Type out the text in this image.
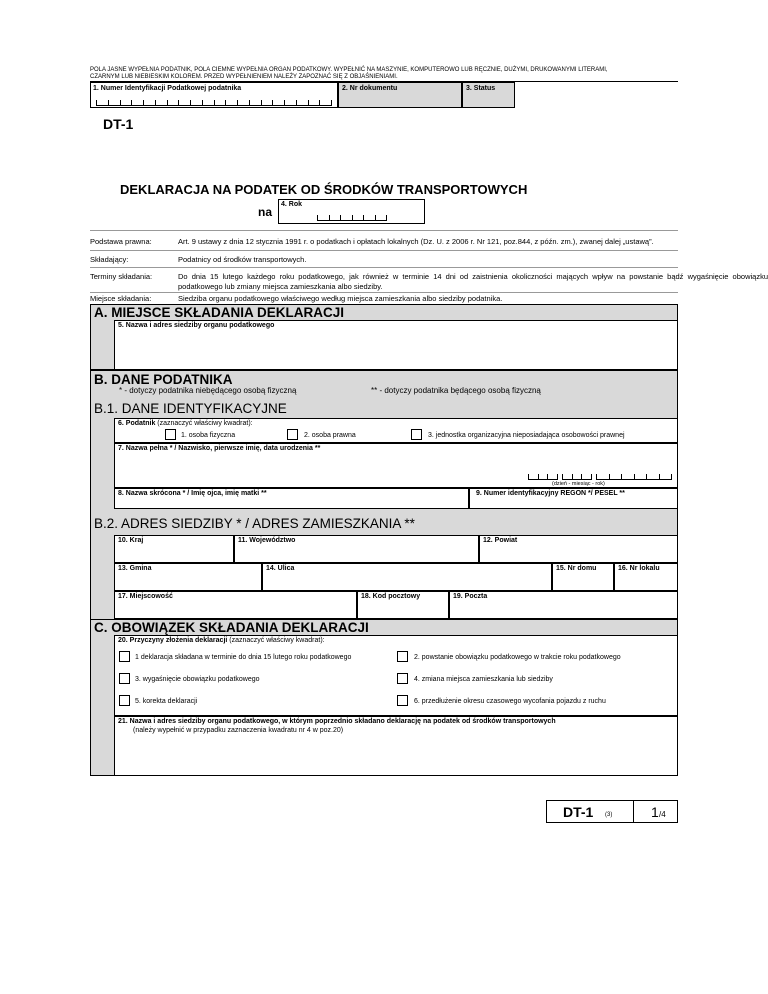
POLA JASNE WYPEŁNIA PODATNIK, POLA CIEMNE WYPEŁNIA ORGAN PODATKOWY. WYPEŁNIĆ NA MASZYNIE, KOMPUTEROWO LUB RĘCZNIE, DUŻYMI, DRUKOWANYMI LITERAMI,
CZARNYM LUB NIEBIESKIM KOLOREM. PRZED WYPEŁNIENIEM NALEŻY ZAPOZNAĆ SIĘ Z OBJAŚNIENIAMI.
1. Numer Identyfikacji Podatkowej podatnika	2. Nr dokumentu	3. Status
DT-1
DEKLARACJA NA PODATEK OD ŚRODKÓW TRANSPORTOWYCH
na
4. Rok
Podstawa prawna:	Art. 9 ustawy z dnia 12 stycznia 1991 r. o podatkach i opłatach lokalnych (Dz. U. z 2006 r. Nr 121, poz.844, z późn. zm.), zwanej dalej „ustawą”.
Składający:	Podatnicy od środków transportowych.
Terminy składania:	Do dnia 15 lutego każdego roku podatkowego, jak również w terminie 14 dni od zaistnienia okoliczności mających wpływ na powstanie bądź wygaśnięcie obowiązku podatkowego lub zmiany miejsca zamieszkania albo siedziby.
Miejsce składania:	Siedziba organu podatkowego właściwego według miejsca zamieszkania albo siedziby podatnika.
A. MIEJSCE SKŁADANIA DEKLARACJI
5. Nazwa i adres siedziby organu podatkowego
B. DANE PODATNIKA
* - dotyczy podatnika niebędącego osobą fizyczną	** - dotyczy podatnika będącego osobą fizyczną
B.1. DANE IDENTYFIKACYJNE
6. Podatnik (zaznaczyć właściwy kwadrat):
1. osoba fizyczna	2. osoba prawna	3. jednostka organizacyjna nieposiadająca osobowości prawnej
7. Nazwa pełna * / Nazwisko, pierwsze imię, data urodzenia **
(dzień - miesiąc - rok)
8. Nazwa skrócona * / Imię ojca, imię matki **	9. Numer identyfikacyjny REGON */ PESEL **
B.2. ADRES SIEDZIBY * / ADRES ZAMIESZKANIA **
10. Kraj	11. Województwo	12. Powiat
13. Gmina	14. Ulica	15. Nr domu	16. Nr lokalu
17. Miejscowość	18. Kod pocztowy	19. Poczta
C. OBOWIĄZEK SKŁADANIA DEKLARACJI
20. Przyczyny złożenia deklaracji (zaznaczyć właściwy kwadrat):
1 deklaracja składana w terminie do dnia 15 lutego roku podatkowego	2. powstanie obowiązku podatkowego w trakcie roku podatkowego
3. wygaśnięcie obowiązku podatkowego	4. zmiana miejsca zamieszkania lub siedziby
5. korekta deklaracji	6. przedłużenie okresu czasowego wycofania pojazdu z ruchu
21. Nazwa i adres siedziby organu podatkowego, w którym poprzednio składano deklarację na podatek od środków transportowych
(należy wypełnić w przypadku zaznaczenia kwadratu nr 4 w poz.20)
DT-1 (3)	1 /4
